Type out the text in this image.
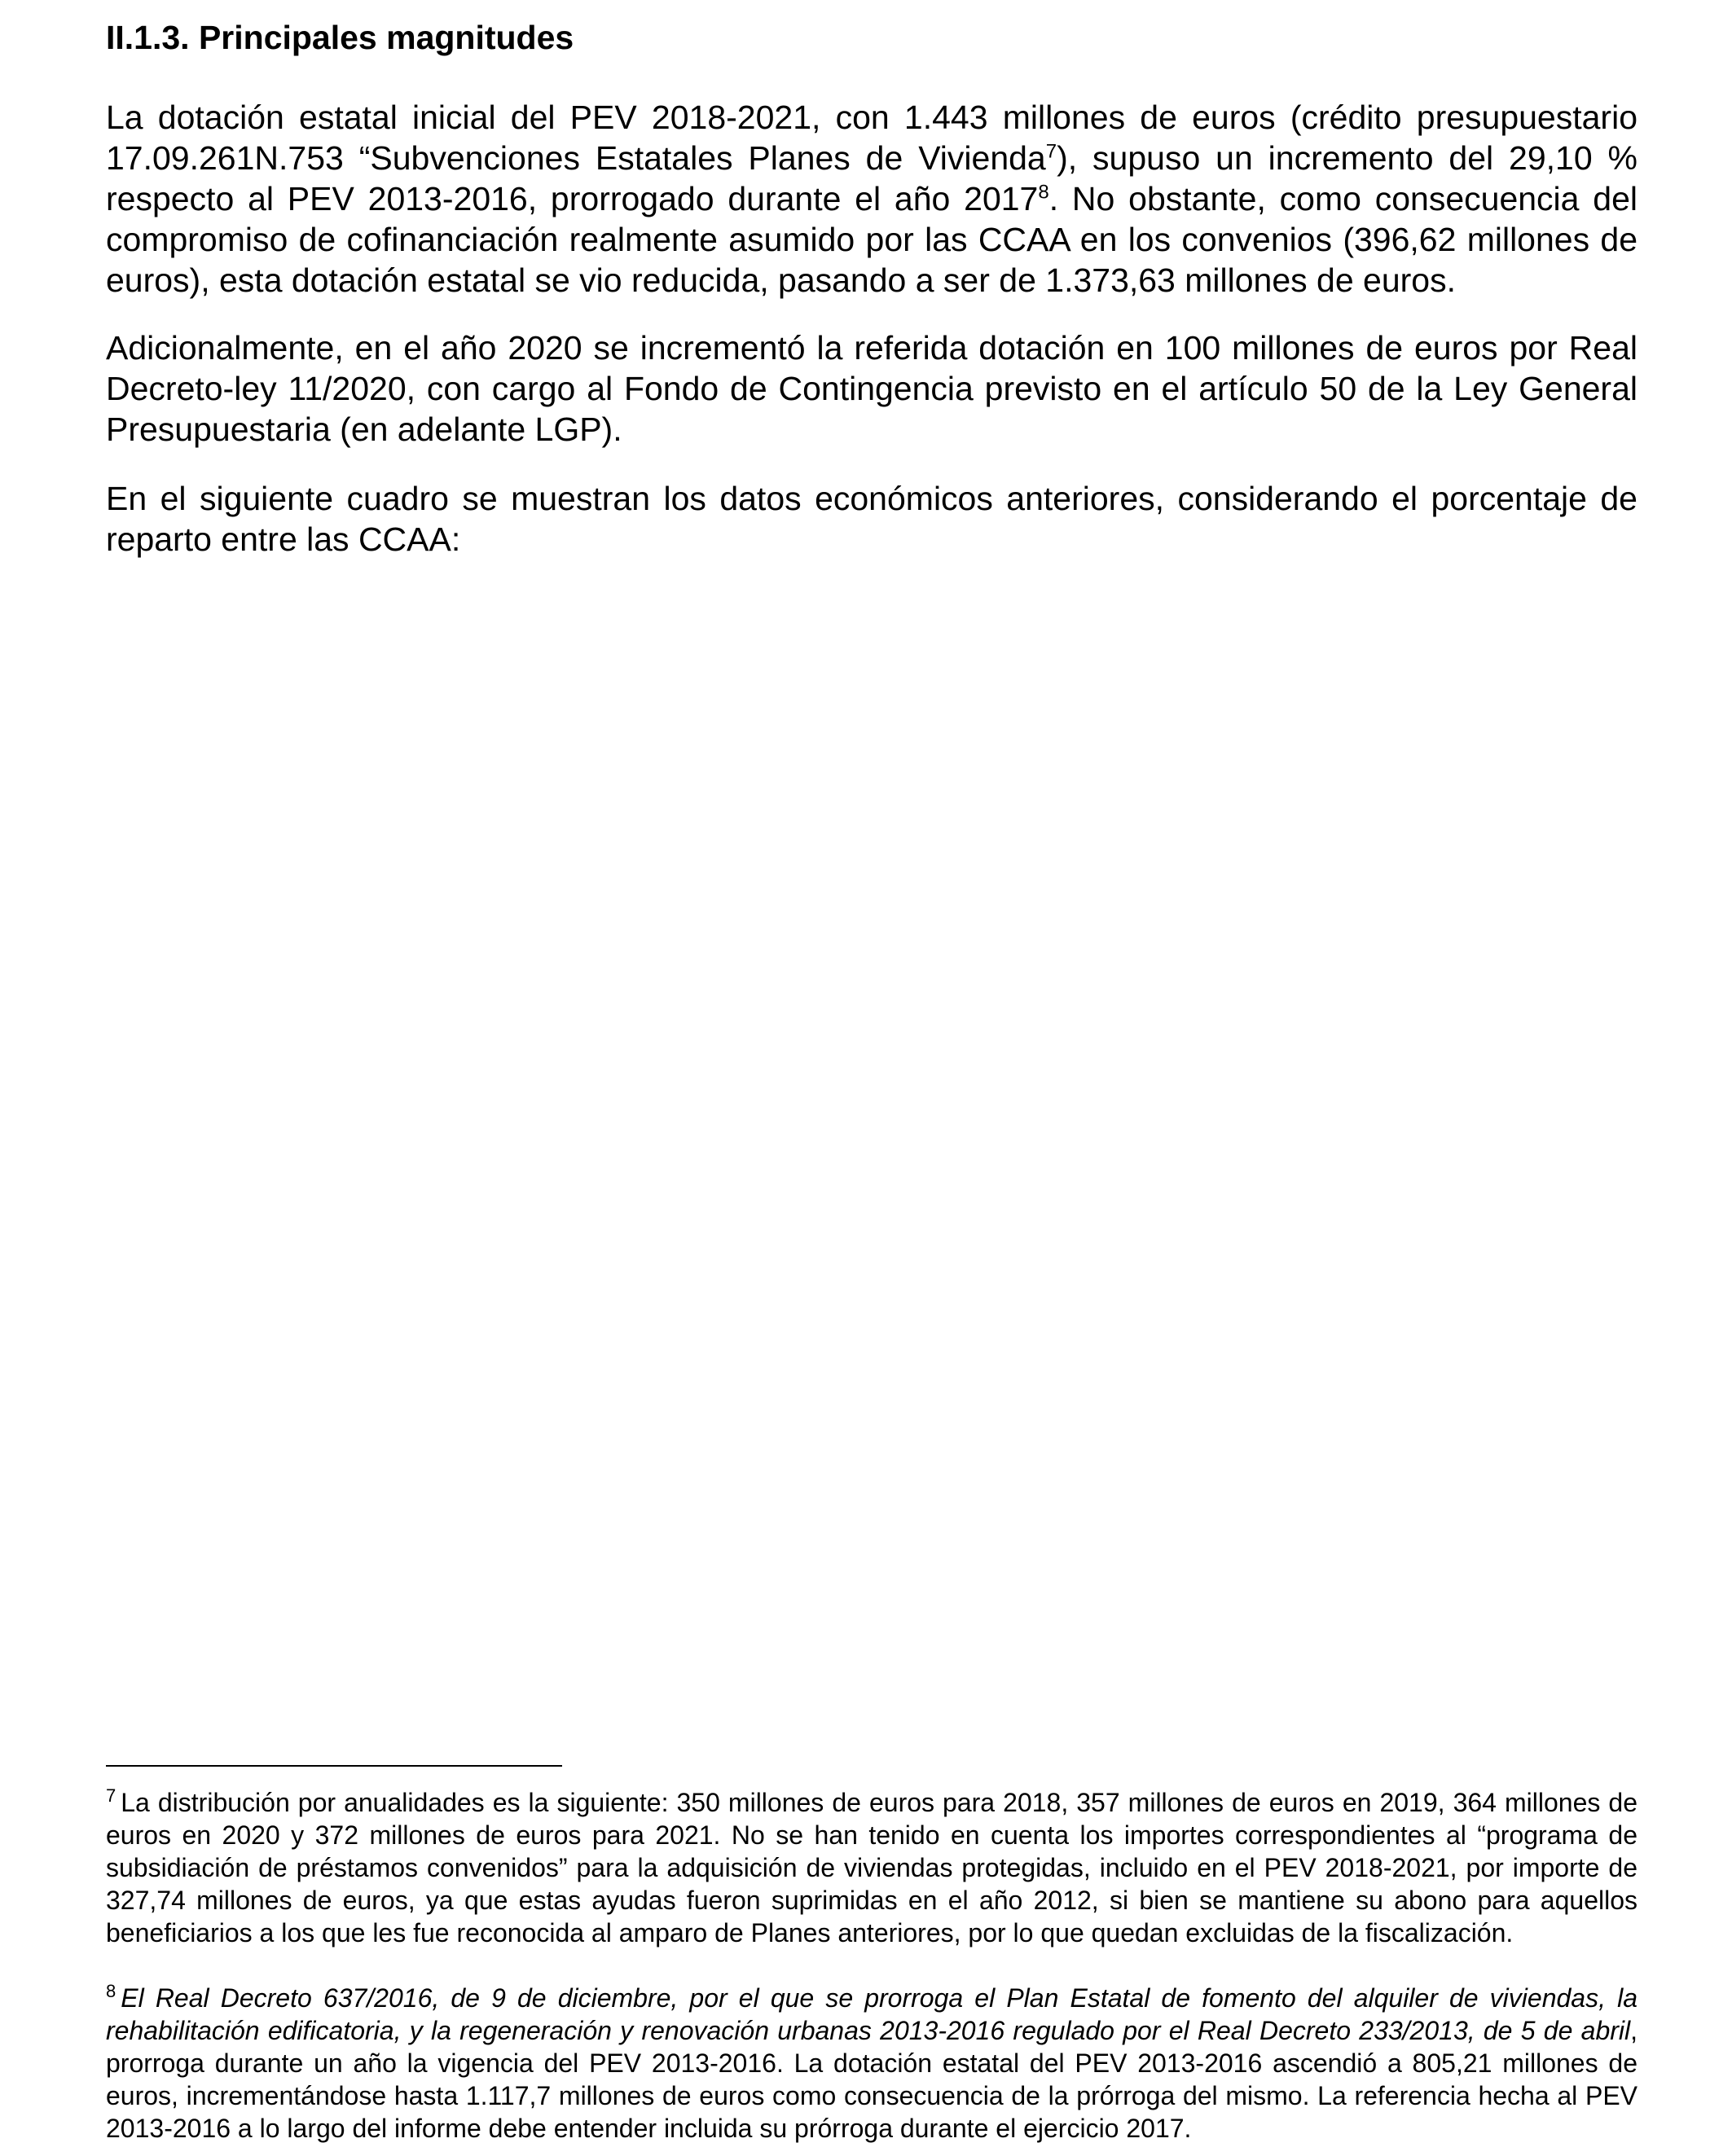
II.1.3. Principales magnitudes

La dotación estatal inicial del PEV 2018-2021, con 1.443 millones de euros (crédito presupuestario 17.09.261N.753 “Subvenciones Estatales Planes de Vivienda$^7$), supuso un incremento del 29,10 % respecto al PEV 2013-2016, prorrogado durante el año 2017$^8$. No obstante, como consecuencia del compromiso de cofinanciación realmente asumido por las CCAA en los convenios (396,62 millones de euros), esta dotación estatal se vio reducida, pasando a ser de 1.373,63 millones de euros.

Adicionalmente, en el año 2020 se incrementó la referida dotación en 100 millones de euros por Real Decreto-ley 11/2020, con cargo al Fondo de Contingencia previsto en el artículo 50 de la Ley General Presupuestaria (en adelante LGP).

En el siguiente cuadro se muestran los datos económicos anteriores, considerando el porcentaje de reparto entre las CCAA:

$^7$ La distribución por anualidades es la siguiente: 350 millones de euros para 2018, 357 millones de euros en 2019, 364 millones de euros en 2020 y 372 millones de euros para 2021. No se han tenido en cuenta los importes correspondientes al “programa de subsidiación de préstamos convenidos” para la adquisición de viviendas protegidas, incluido en el PEV 2018-2021, por importe de 327,74 millones de euros, ya que estas ayudas fueron suprimidas en el año 2012, si bien se mantiene su abono para aquellos beneficiarios a los que les fue reconocida al amparo de Planes anteriores, por lo que quedan excluidas de la fiscalización.

$^8$ El Real Decreto 637/2016, de 9 de diciembre, por el que se prorroga el Plan Estatal de fomento del alquiler de viviendas, la rehabilitación edificatoria, y la regeneración y renovación urbanas 2013-2016 regulado por el Real Decreto 233/2013, de 5 de abril, prorroga durante un año la vigencia del PEV 2013-2016. La dotación estatal del PEV 2013-2016 ascendió a 805,21 millones de euros, incrementándose hasta 1.117,7 millones de euros como consecuencia de la prórroga del mismo. La referencia hecha al PEV 2013-2016 a lo largo del informe debe entender incluida su prórroga durante el ejercicio 2017.
